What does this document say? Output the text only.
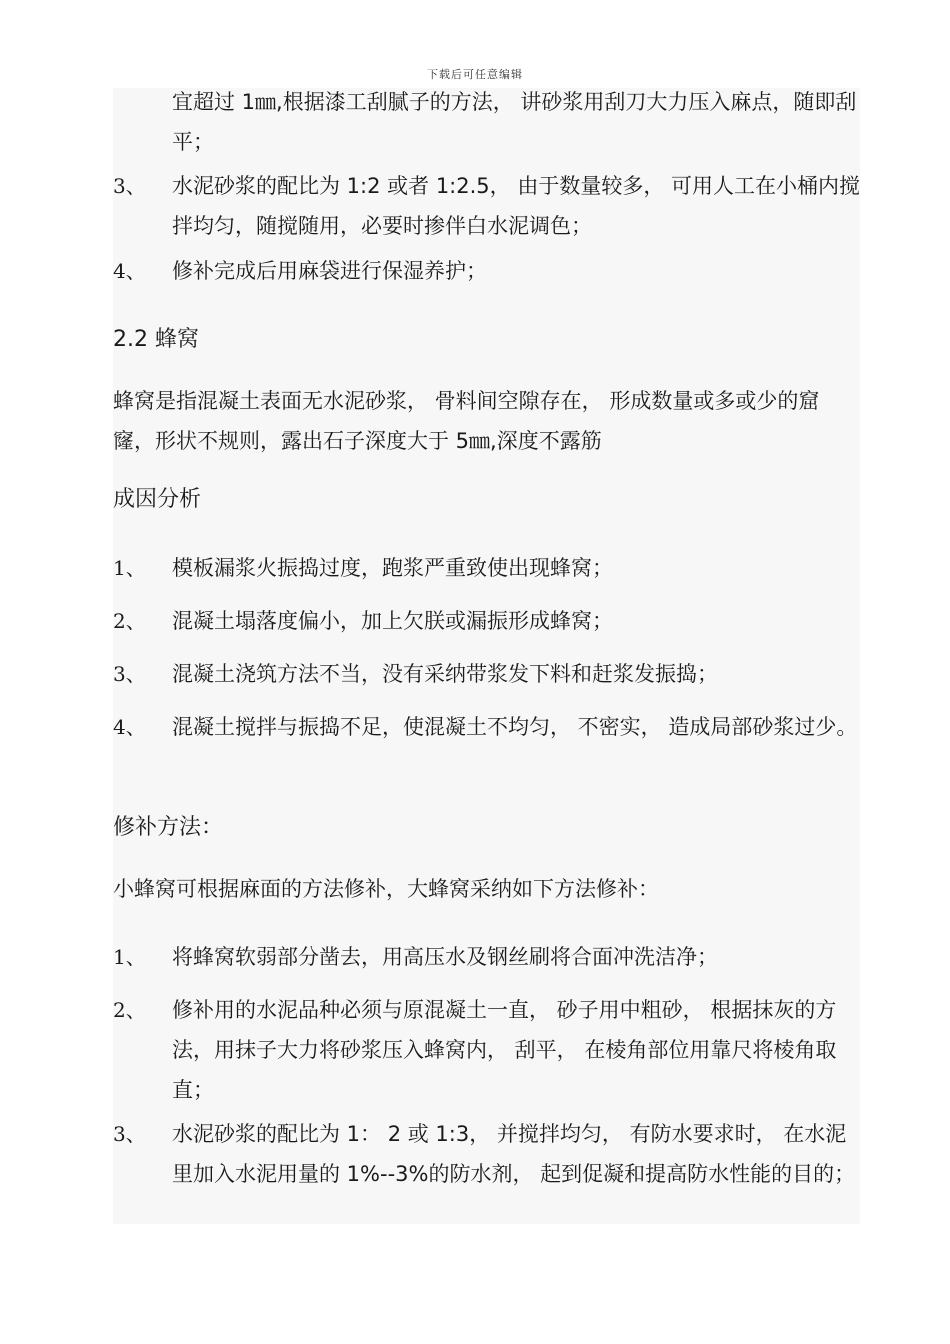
下载后可任意编辑
宜超过 1㎜,根据漆工刮腻子的方法， 讲砂浆用刮刀大力压入麻点，随即刮平；
3、	水泥砂浆的配比为 1:2 或者 1:2.5， 由于数量较多， 可用人工在小桶内搅拌均匀，随搅随用，必要时掺伴白水泥调色；
4、	修补完成后用麻袋进行保湿养护；
2.2 蜂窝
蜂窝是指混凝土表面无水泥砂浆， 骨料间空隙存在， 形成数量或多或少的窟窿，形状不规则，露出石子深度大于 5㎜,深度不露筋
成因分析
1、	模板漏浆火振捣过度，跑浆严重致使出现蜂窝；
2、	混凝土塌落度偏小，加上欠朕或漏振形成蜂窝；
3、	混凝土浇筑方法不当，没有采纳带浆发下料和赶浆发振捣；
4、	混凝土搅拌与振捣不足，使混凝土不均匀， 不密实， 造成局部砂浆过少。
修补方法：
小蜂窝可根据麻面的方法修补，大蜂窝采纳如下方法修补：
1、	将蜂窝软弱部分凿去，用高压水及钢丝刷将合面冲洗洁净；
2、	修补用的水泥品种必须与原混凝土一直， 砂子用中粗砂， 根据抹灰的方法，用抹子大力将砂浆压入蜂窝内， 刮平， 在棱角部位用靠尺将棱角取直；
3、	水泥砂浆的配比为 1： 2 或 1:3， 并搅拌均匀， 有防水要求时， 在水泥里加入水泥用量的 1%--3%的防水剂， 起到促凝和提高防水性能的目的；
